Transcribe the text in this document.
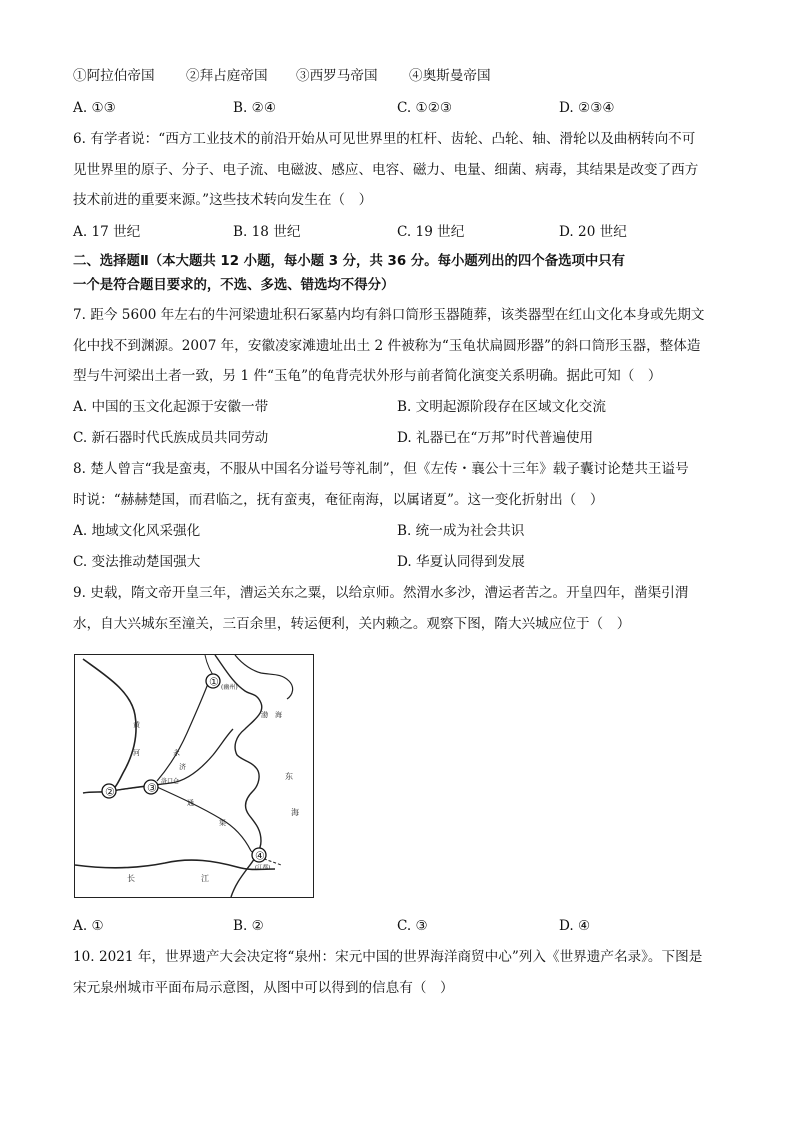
①阿拉伯帝国 ②拜占庭帝国 ③西罗马帝国 ④奥斯曼帝国
A. ①③	B. ②④	C. ①②③	D. ②③④
6. 有学者说：“西方工业技术的前沿开始从可见世界里的杠杆、齿轮、凸轮、轴、滑轮以及曲柄转向不可
见世界里的原子、分子、电子流、电磁波、感应、电容、磁力、电量、细菌、病毒，其结果是改变了西方
技术前进的重要来源。”这些技术转向发生在（　）
A. 17 世纪	B. 18 世纪	C. 19 世纪	D. 20 世纪
二、选择题Ⅱ（本大题共 12 小题，每小题 3 分，共 36 分。每小题列出的四个备选项中只有
一个是符合题目要求的，不选、多选、错选均不得分）
7. 距今 5600 年左右的牛河梁遗址积石冢墓内均有斜口筒形玉器随葬，该类器型在红山文化本身或先期文
化中找不到渊源。2007 年，安徽凌家滩遗址出土 2 件被称为“玉龟状扁圆形器”的斜口筒形玉器，整体造
型与牛河梁出土者一致，另 1 件“玉龟”的龟背壳状外形与前者简化演变关系明确。据此可知（　）
A. 中国的玉文化起源于安徽一带	B. 文明起源阶段存在区域文化交流
C. 新石器时代氏族成员共同劳动	D. 礼器已在“万邦”时代普遍使用
8. 楚人曾言“我是蛮夷，不服从中国名分谥号等礼制”，但《左传・襄公十三年》载子囊讨论楚共王谥号
时说：“赫赫楚国，而君临之，抚有蛮夷，奄征南海，以属诸夏”。这一变化折射出（　）
A. 地域文化风采强化	B. 统一成为社会共识
C. 变法推动楚国强大	D. 华夏认同得到发展
9. 史载，隋文帝开皇三年，漕运关东之粟，以给京师。然渭水多沙，漕运者苦之。开皇四年，凿渠引渭
水，自大兴城东至潼关，三百余里，转运便利，关内赖之。观察下图，隋大兴城应位于（　）
①
②	③
④
(幽州)
渤　海
黄
河	永
济
洛口仓
东
海
通
渠
长	江
(江都)
A. ①	B. ②	C. ③	D. ④
10. 2021 年，世界遗产大会决定将“泉州：宋元中国的世界海洋商贸中心”列入《世界遗产名录》。下图是
宋元泉州城市平面布局示意图，从图中可以得到的信息有（　）
